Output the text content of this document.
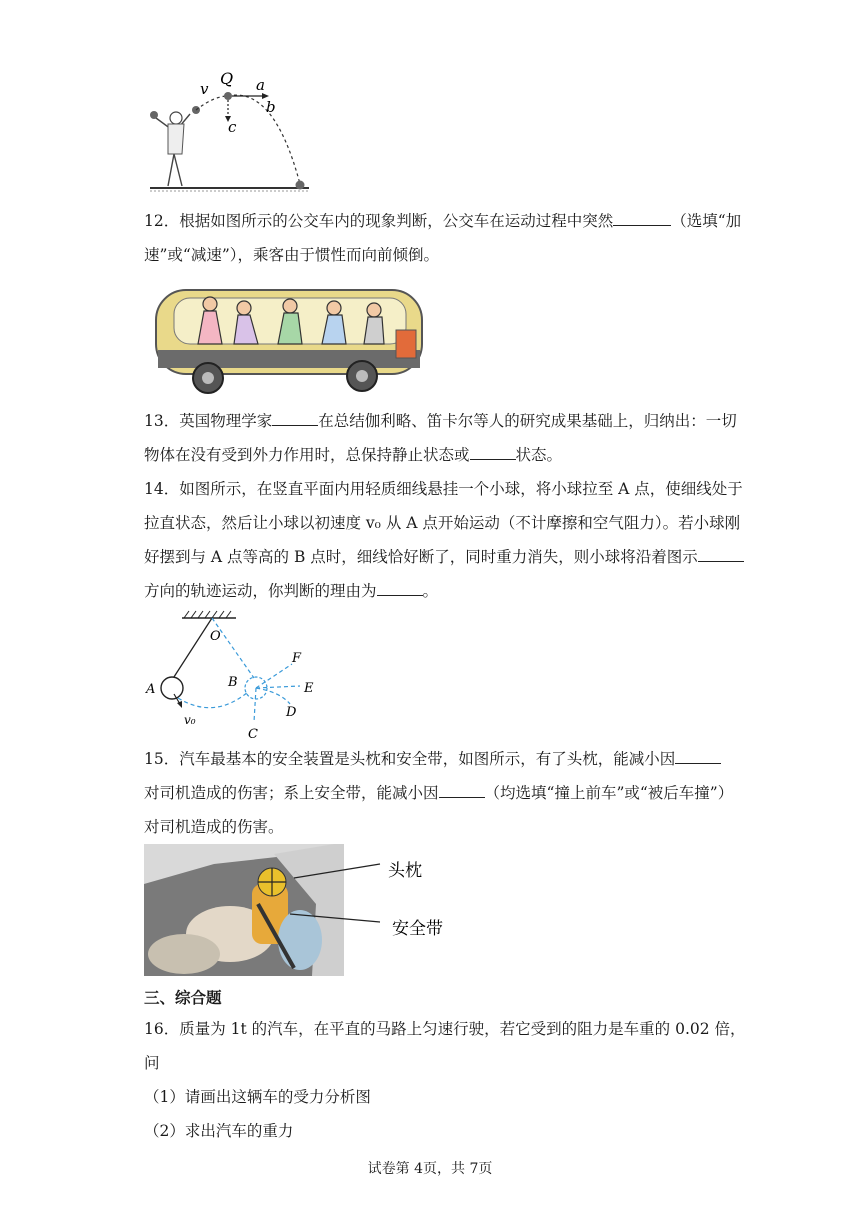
v
Q a
b
c
12．根据如图所示的公交车内的现象判断，公交车在运动过程中突然	（选填“加
速”或“减速”），乘客由于惯性而向前倾倒。
13．英国物理学家	在总结伽利略、笛卡尔等人的研究成果基础上，归纳出：一切
物体在没有受到外力作用时，总保持静止状态或	状态。
14．如图所示，在竖直平面内用轻质细线悬挂一个小球，将小球拉至 A 点，使细线处于
拉直状态，然后让小球以初速度 v₀ 从 A 点开始运动（不计摩擦和空气阻力）。若小球刚
好摆到与 A 点等高的 B 点时，细线恰好断了，同时重力消失，则小球将沿着图示
方向的轨迹运动，你判断的理由为	。
O
A	B
C
D
E
F
v₀
15．汽车最基本的安全装置是头枕和安全带，如图所示，有了头枕，能减小因
对司机造成的伤害；系上安全带，能减小因	（均选填“撞上前车”或“被后车撞”）
对司机造成的伤害。
头枕
安全带
三、综合题
16．质量为 1t 的汽车，在平直的马路上匀速行驶，若它受到的阻力是车重的 0.02 倍，
问
（1）请画出这辆车的受力分析图
（2）求出汽车的重力
试卷第 4页，共 7页
